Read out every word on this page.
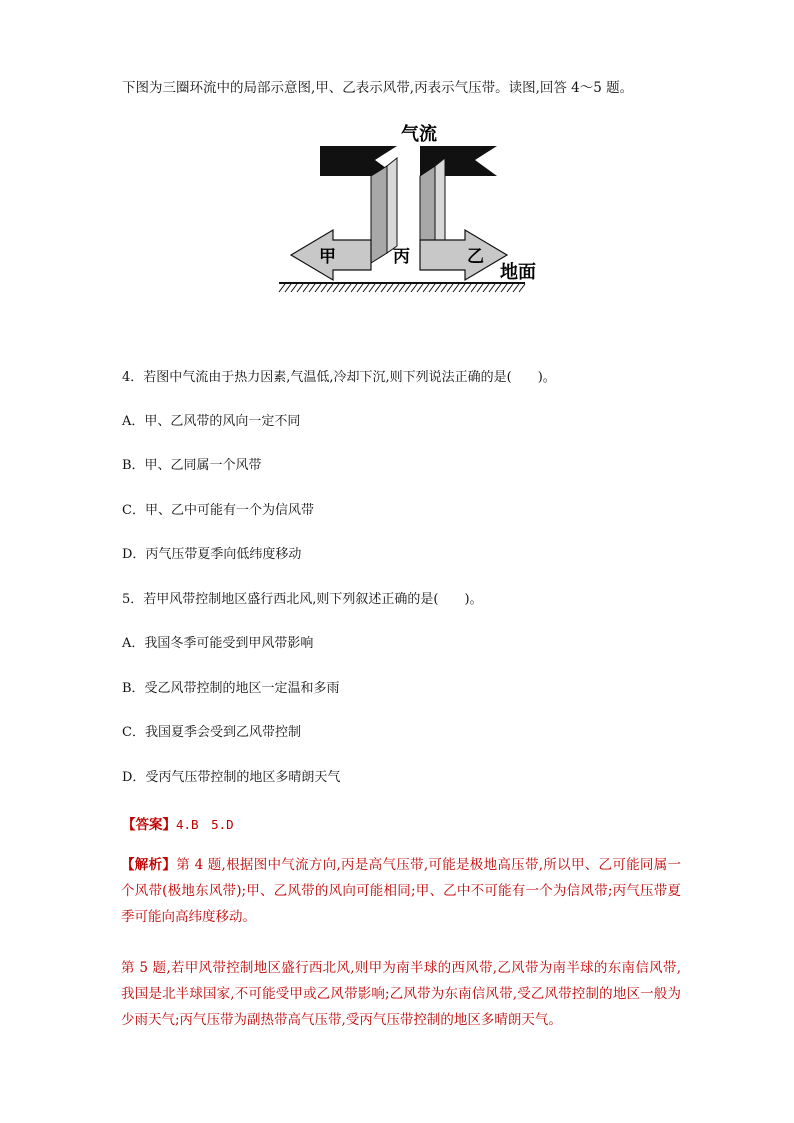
下图为三圈环流中的局部示意图,甲、乙表示风带,丙表示气压带。读图,回答 4～5 题。
气流
甲	丙	乙
地面
4．若图中气流由于热力因素,气温低,冷却下沉,则下列说法正确的是(　　)。
A．甲、乙风带的风向一定不同
B．甲、乙同属一个风带
C．甲、乙中可能有一个为信风带
D．丙气压带夏季向低纬度移动
5．若甲风带控制地区盛行西北风,则下列叙述正确的是(　　)。
A．我国冬季可能受到甲风带影响
B．受乙风带控制的地区一定温和多雨
C．我国夏季会受到乙风带控制
D．受丙气压带控制的地区多晴朗天气
【答案】4.B　5.D
【解析】第 4 题,根据图中气流方向,丙是高气压带,可能是极地高压带,所以甲、乙可能同属一个风带(极地东风带);甲、乙风带的风向可能相同;甲、乙中不可能有一个为信风带;丙气压带夏季可能向高纬度移动。
第 5 题,若甲风带控制地区盛行西北风,则甲为南半球的西风带,乙风带为南半球的东南信风带,我国是北半球国家,不可能受甲或乙风带影响;乙风带为东南信风带,受乙风带控制的地区一般为少雨天气;丙气压带为副热带高气压带,受丙气压带控制的地区多晴朗天气。
